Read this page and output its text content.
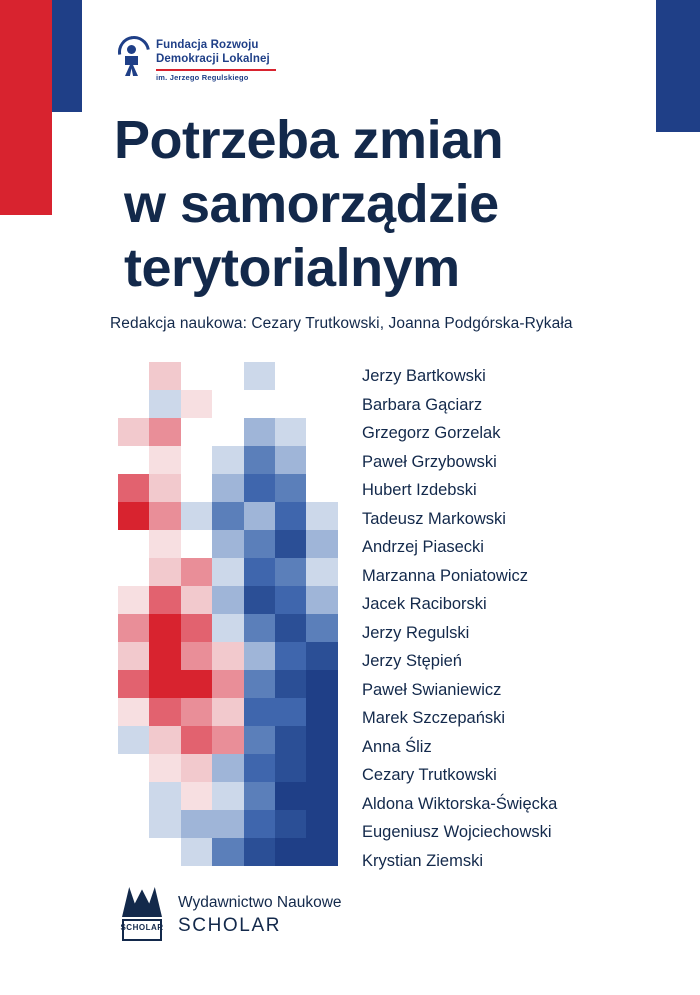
Fundacja Rozwoju
Demokracji Lokalnej
im. Jerzego Regulskiego
Potrzeba zmian
w samorządzie
terytorialnym
Redakcja naukowa: Cezary Trutkowski, Joanna Podgórska-Rykała
Jerzy Bartkowski
Barbara Gąciarz
Grzegorz Gorzelak
Paweł Grzybowski
Hubert Izdebski
Tadeusz Markowski
Andrzej Piasecki
Marzanna Poniatowicz
Jacek Raciborski
Jerzy Regulski
Jerzy Stępień
Paweł Swianiewicz
Marek Szczepański
Anna Śliz
Cezary Trutkowski
Aldona Wiktorska-Święcka
Eugeniusz Wojciechowski
Krystian Ziemski
SCHOLAR
Wydawnictwo Naukowe
SCHOLAR
